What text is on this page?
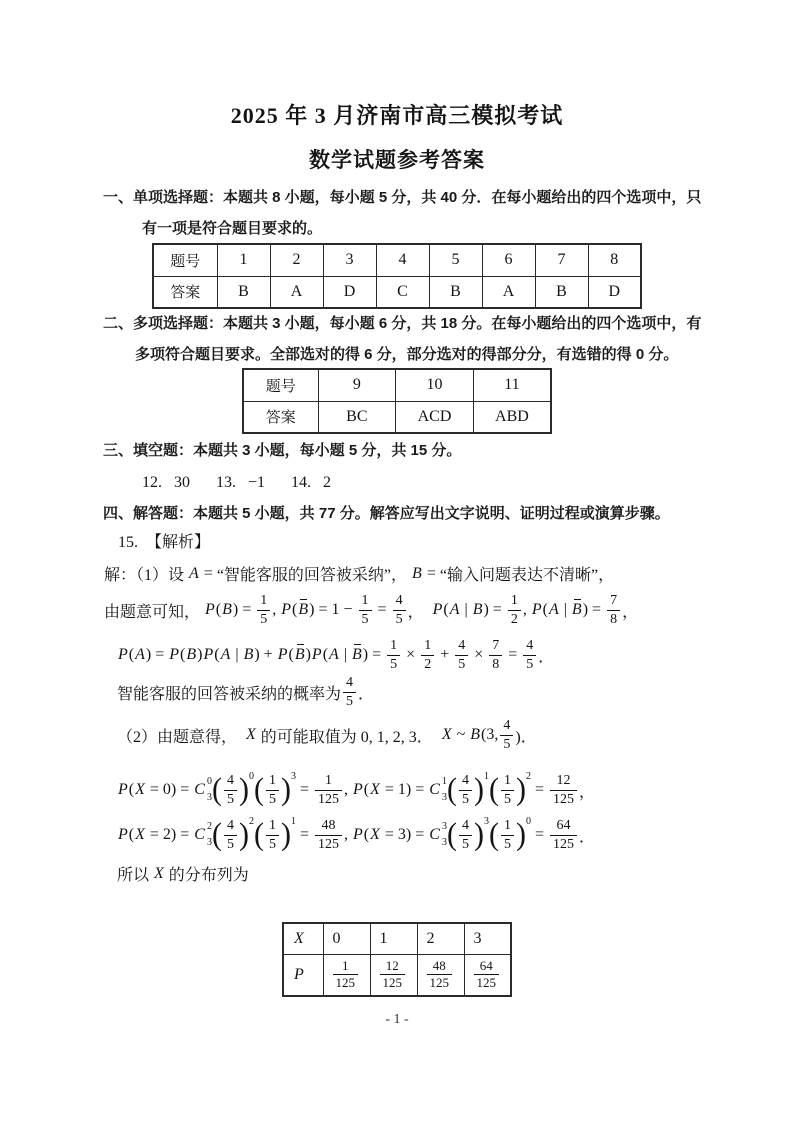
2025 年 3 月济南市高三模拟考试
数学试题参考答案
一、单项选择题：本题共 8 小题，每小题 5 分，共 40 分．在每小题给出的四个选项中，只
有一项是符合题目要求的。
题号	1	2	3	4	5	6	7	8
答案	B	A	D	C	B	A	B	D
二、多项选择题：本题共 3 小题，每小题 6 分，共 18 分。在每小题给出的四个选项中，有
多项符合题目要求。全部选对的得 6 分，部分选对的得部分分，有选错的得 0 分。
题号	9	10	11
答案	BC	ACD	ABD
三、填空题：本题共 3 小题，每小题 5 分，共 15 分。
12. 30 13. −1 14. 2
四、解答题：本题共 5 小题，共 77 分。解答应写出文字说明、证明过程或演算步骤。
15. 【解析】
解：（1）设 A = “智能客服的回答被采纳”， B = “输入问题表达不清晰”，
由题意可知， P ( B ) = $\frac{1}{5}$ , P ( B ) = $1 - \frac{1}{5} = \frac{4}{5}$ ， P ( A | B ) = $\frac{1}{2}$ , P ( A | B ) = $\frac{7}{8}$ ，
P ( A ) = P ( B ) P ( A | B ) + P ( B ) P ( A | B ) = $\frac{1}{5} \times \frac{1}{2} + \frac{4}{5} \times \frac{7}{8} = \frac{4}{5}$ ．
智能客服的回答被采纳的概率为 $\frac{4}{5}$ ．
（2）由题意得， X 的可能取值为 0, 1, 2, 3． X ~ B (3, $\frac{4}{5}$ )．
P ( X = 0 ) = C 0
3 ( $\frac{4}{5}$ ) 0 ( $\frac{1}{5}$ ) 3
= $\frac{1}{125}$ , P ( X = 1 ) = C 1
3 ( $\frac{4}{5}$ ) 1 ( $\frac{1}{5}$ ) 2
= $\frac{12}{125}$ ，
P ( X = 2 ) = C 2
3 ( $\frac{4}{5}$ ) 2 ( $\frac{1}{5}$ ) 1
= $\frac{48}{125}$ , P ( X = 3 ) = C 3
3 ( $\frac{4}{5}$ ) 3 ( $\frac{1}{5}$ ) 0
= $\frac{64}{125}$ ．
所以 X 的分布列为
X	0	1	2	3
P	$\frac{1}{125}$	$\frac{12}{125}$	$\frac{48}{125}$	$\frac{64}{125}$
- 1 -
